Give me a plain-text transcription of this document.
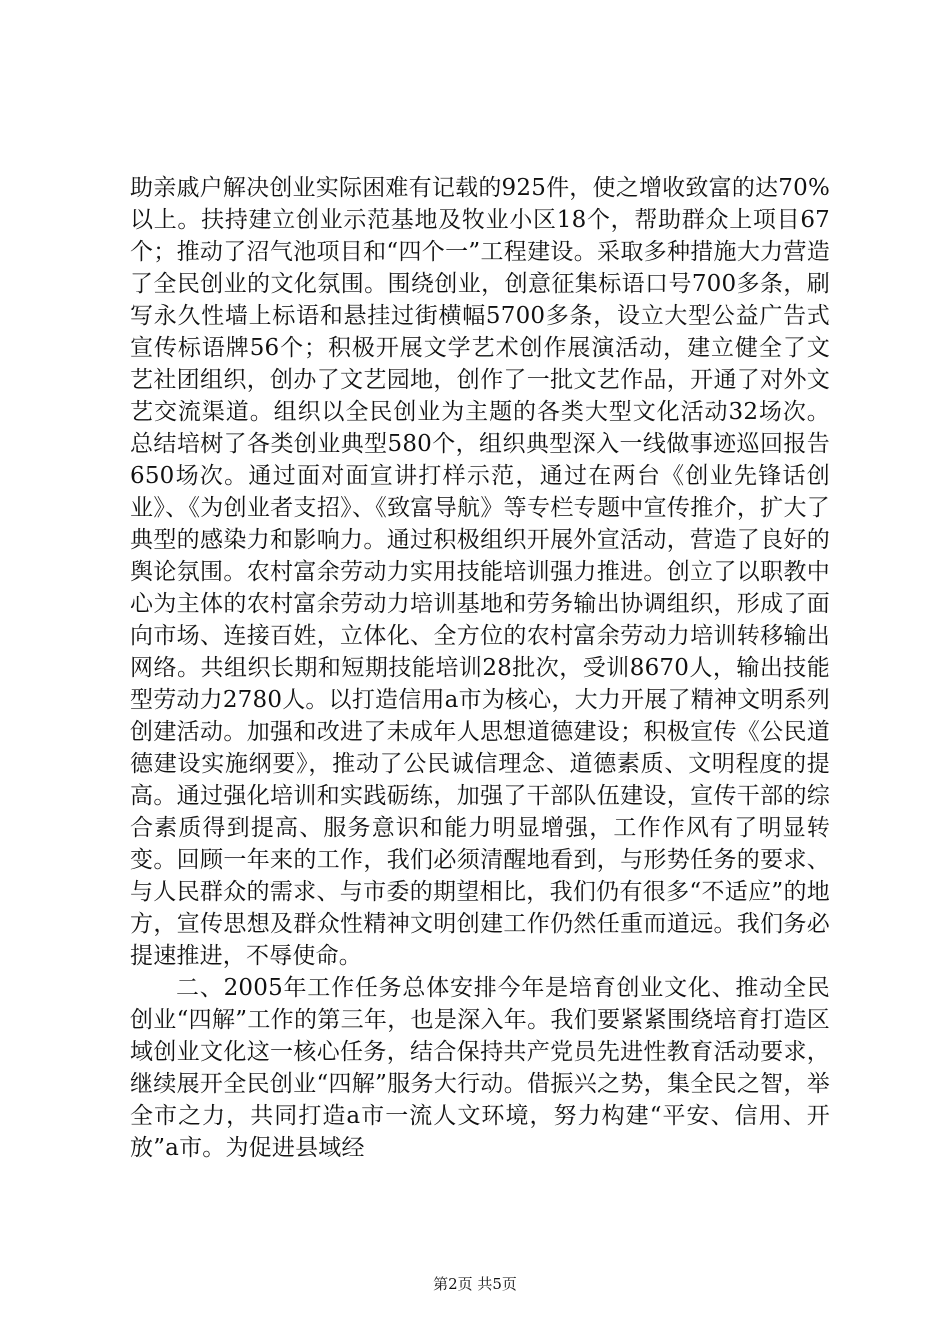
助亲戚户解决创业实际困难有记载的925件，使之增收致富的达70%以上。扶持建立创业示范基地及牧业小区18个，帮助群众上项目67个；推动了沼气池项目和“四个一”工程建设。采取多种措施大力营造了全民创业的文化氛围。围绕创业，创意征集标语口号700多条，刷写永久性墙上标语和悬挂过街横幅5700多条，设立大型公益广告式宣传标语牌56个；积极开展文学艺术创作展演活动，建立健全了文艺社团组织，创办了文艺园地，创作了一批文艺作品，开通了对外文艺交流渠道。组织以全民创业为主题的各类大型文化活动32场次。总结培树了各类创业典型580个，组织典型深入一线做事迹巡回报告650场次。通过面对面宣讲打样示范，通过在两台《创业先锋话创业》、《为创业者支招》、《致富导航》等专栏专题中宣传推介，扩大了典型的感染力和影响力。通过积极组织开展外宣活动，营造了良好的舆论氛围。农村富余劳动力实用技能培训强力推进。创立了以职教中心为主体的农村富余劳动力培训基地和劳务输出协调组织，形成了面向市场、连接百姓，立体化、全方位的农村富余劳动力培训转移输出网络。共组织长期和短期技能培训28批次，受训8670人，输出技能型劳动力2780人。以打造信用a市为核心，大力开展了精神文明系列创建活动。加强和改进了未成年人思想道德建设；积极宣传《公民道德建设实施纲要》，推动了公民诚信理念、道德素质、文明程度的提高。通过强化培训和实践砺练，加强了干部队伍建设，宣传干部的综合素质得到提高、服务意识和能力明显增强，工作作风有了明显转变。回顾一年来的工作，我们必须清醒地看到，与形势任务的要求、与人民群众的需求、与市委的期望相比，我们仍有很多“不适应”的地方，宣传思想及群众性精神文明创建工作仍然任重而道远。我们务必提速推进，不辱使命。

二、2005年工作任务总体安排今年是培育创业文化、推动全民创业“四解”工作的第三年，也是深入年。我们要紧紧围绕培育打造区域创业文化这一核心任务，结合保持共产党员先进性教育活动要求，继续展开全民创业“四解”服务大行动。借振兴之势，集全民之智，举全市之力，共同打造a市一流人文环境，努力构建“平安、信用、开放”a市。为促进县域经

第2页 共5页
